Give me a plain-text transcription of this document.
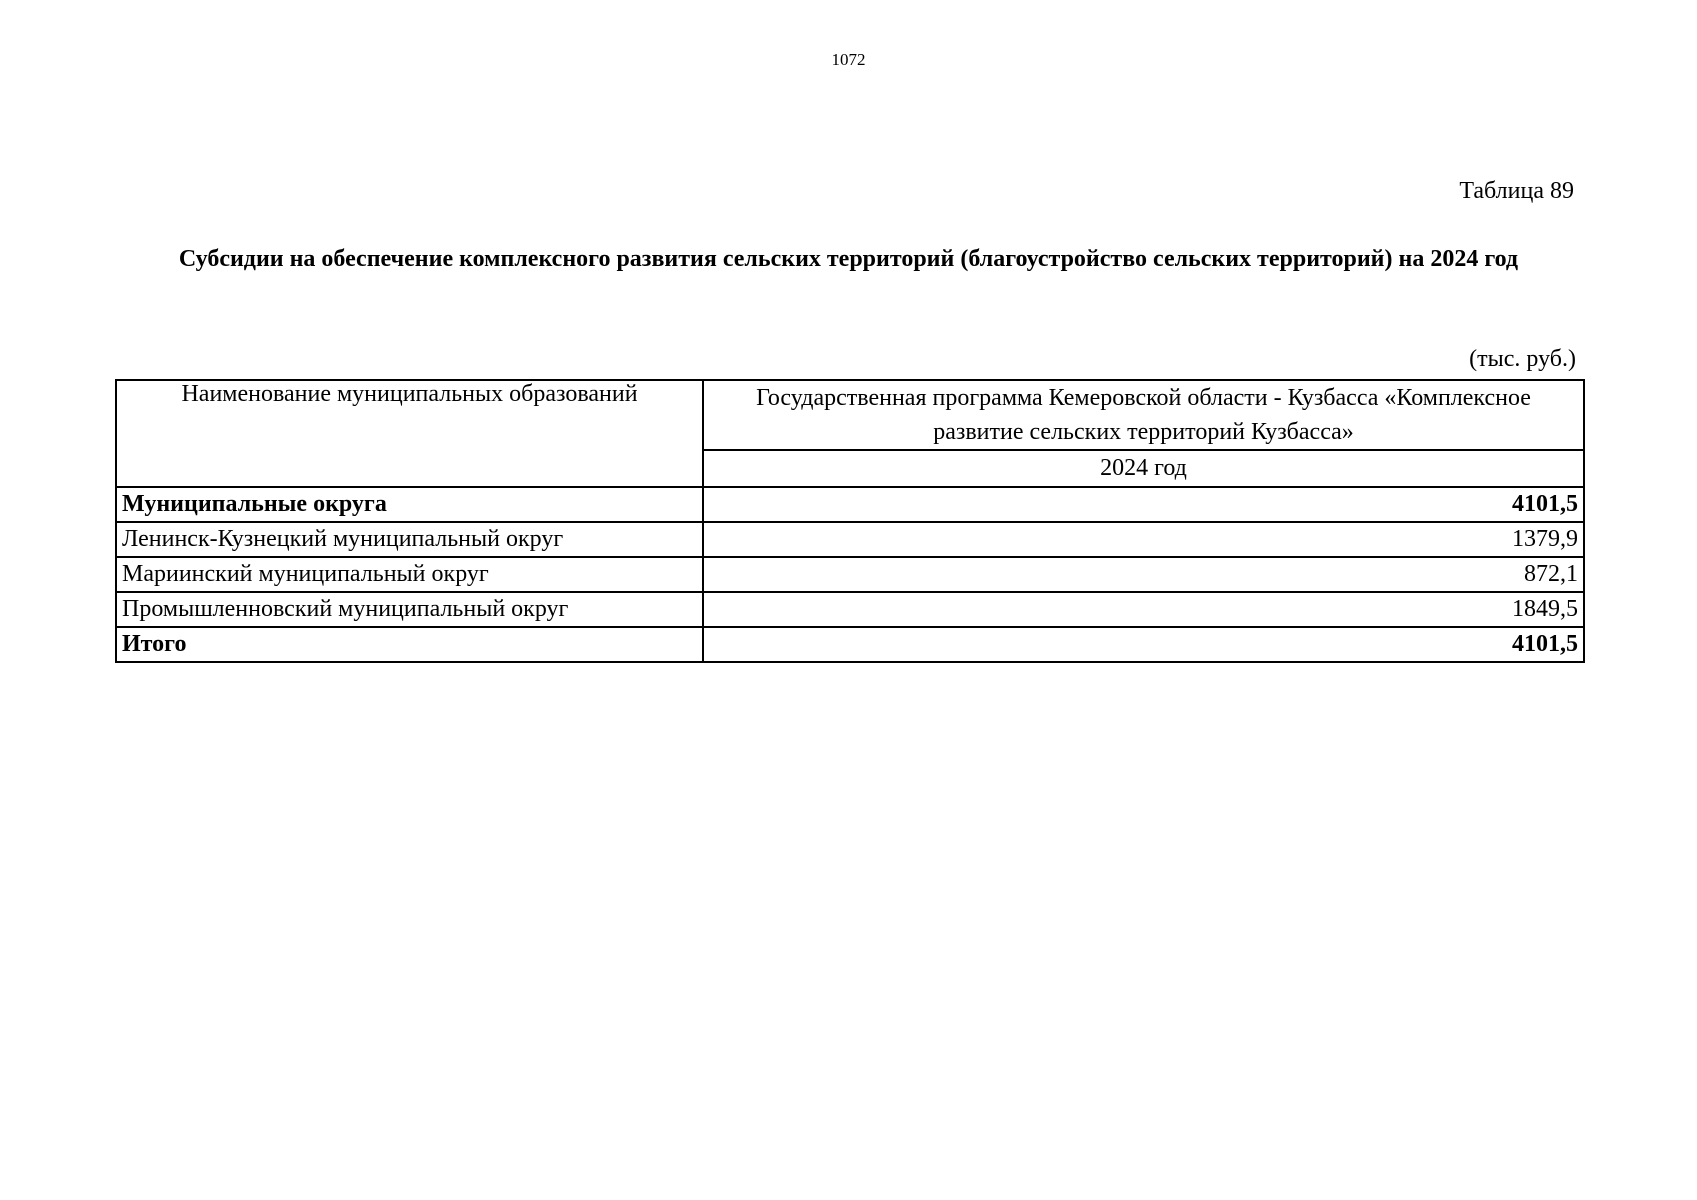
1072
Таблица 89
Субсидии на обеспечение комплексного развития сельских территорий (благоустройство сельских территорий) на 2024 год
(тыс. руб.)
Наименование муниципальных образований	Государственная программа Кемеровской области - Кузбасса «Комплексное развитие сельских территорий Кузбасса»
	2024 год
Муниципальные округа	4101,5
Ленинск-Кузнецкий муниципальный округ	1379,9
Мариинский муниципальный округ	872,1
Промышленновский муниципальный округ	1849,5
Итого	4101,5
